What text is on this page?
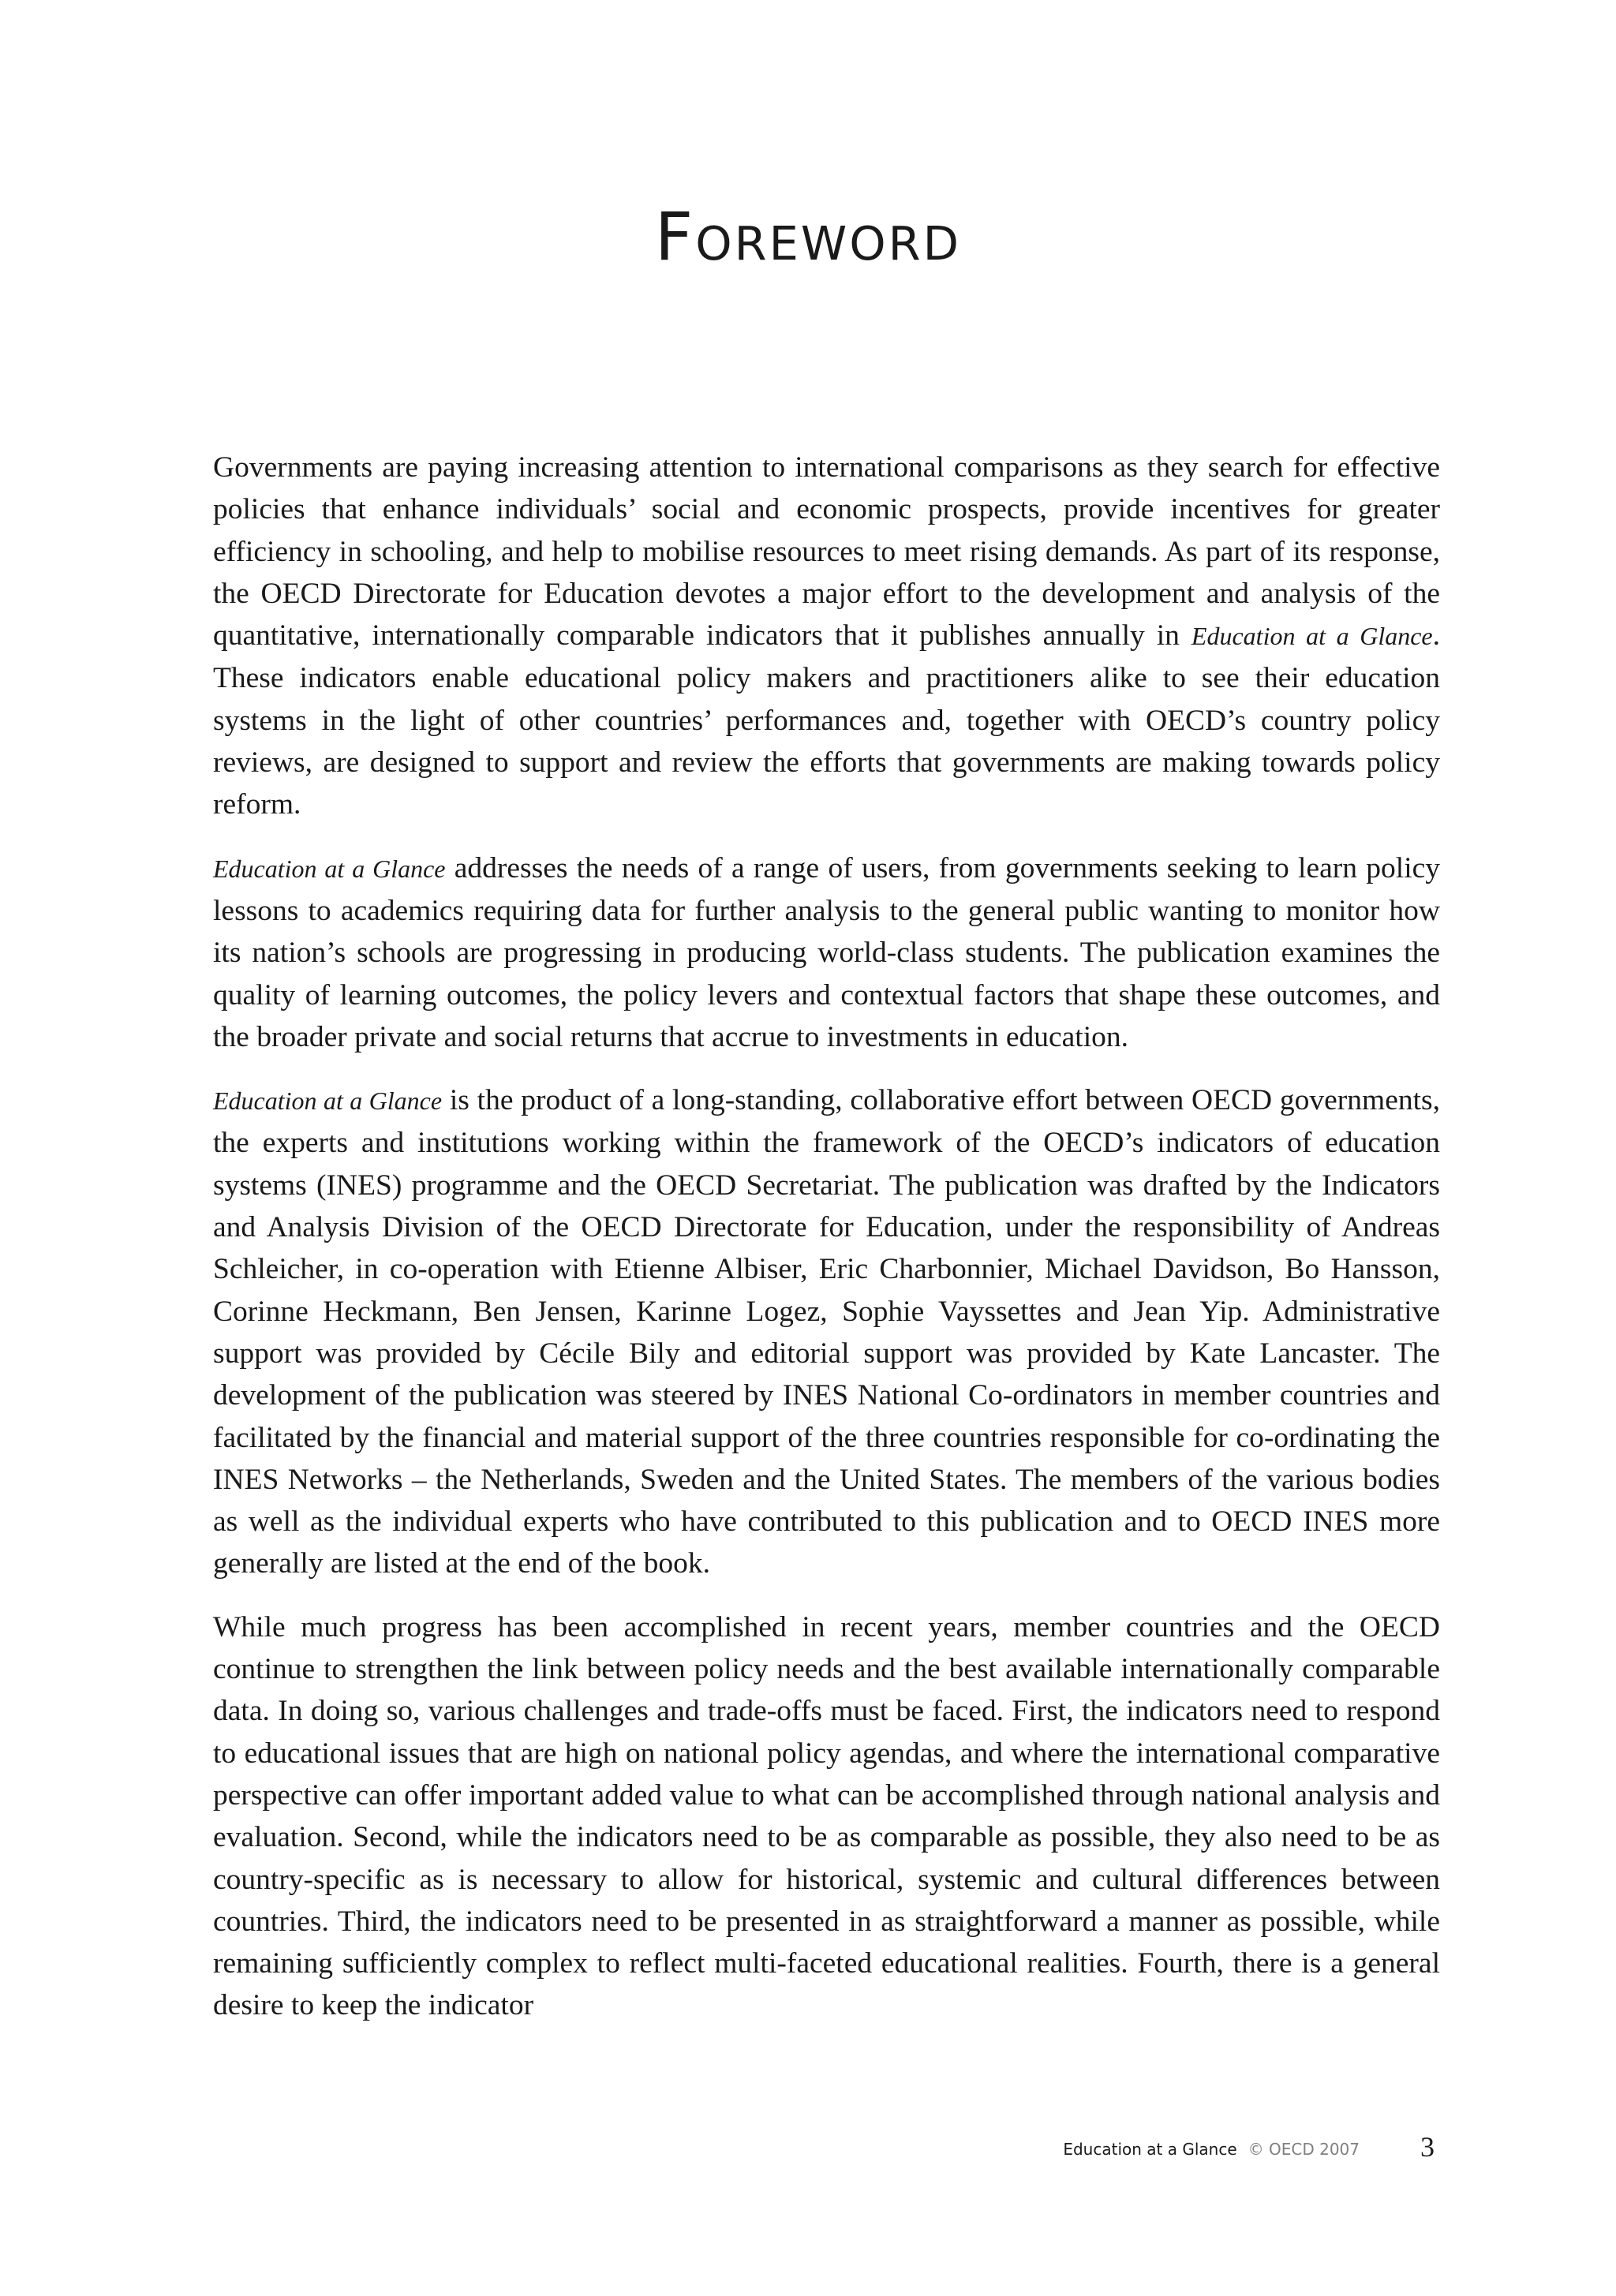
Foreword

Governments are paying increasing attention to international comparisons as they search for effective policies that enhance individuals’ social and economic prospects, provide incentives for greater efficiency in schooling, and help to mobilise resources to meet rising demands. As part of its response, the OECD Directorate for Education devotes a major effort to the development and analysis of the quantitative, internationally comparable indicators that it publishes annually in Education at a Glance. These indicators enable educational policy makers and practitioners alike to see their education systems in the light of other countries’ performances and, together with OECD’s country policy reviews, are designed to support and review the efforts that governments are making towards policy reform.

Education at a Glance addresses the needs of a range of users, from governments seeking to learn policy lessons to academics requiring data for further analysis to the general public wanting to monitor how its nation’s schools are progressing in producing world-class students. The publication examines the quality of learning outcomes, the policy levers and contextual factors that shape these outcomes, and the broader private and social returns that accrue to investments in education.

Education at a Glance is the product of a long-standing, collaborative effort between OECD governments, the experts and institutions working within the framework of the OECD’s indicators of education systems (INES) programme and the OECD Secretariat. The publication was drafted by the Indicators and Analysis Division of the OECD Directorate for Education, under the responsibility of Andreas Schleicher, in co-operation with Etienne Albiser, Eric Charbonnier, Michael Davidson, Bo Hansson, Corinne Heckmann, Ben Jensen, Karinne Logez, Sophie Vayssettes and Jean Yip. Administrative support was provided by Cécile Bily and editorial support was provided by Kate Lancaster. The development of the publication was steered by INES National Co-ordinators in member countries and facilitated by the financial and material support of the three countries responsible for co-ordinating the INES Networks – the Netherlands, Sweden and the United States. The members of the various bodies as well as the individual experts who have contributed to this publication and to OECD INES more generally are listed at the end of the book.

While much progress has been accomplished in recent years, member countries and the OECD continue to strengthen the link between policy needs and the best available internationally comparable data. In doing so, various challenges and trade-offs must be faced. First, the indicators need to respond to educational issues that are high on national policy agendas, and where the international comparative perspective can offer important added value to what can be accomplished through national analysis and evaluation. Second, while the indicators need to be as comparable as possible, they also need to be as country-specific as is necessary to allow for historical, systemic and cultural differences between countries. Third, the indicators need to be presented in as straightforward a manner as possible, while remaining sufficiently complex to reflect multi-faceted educational realities. Fourth, there is a general desire to keep the indicator

Education at a Glance © OECD 2007 3
